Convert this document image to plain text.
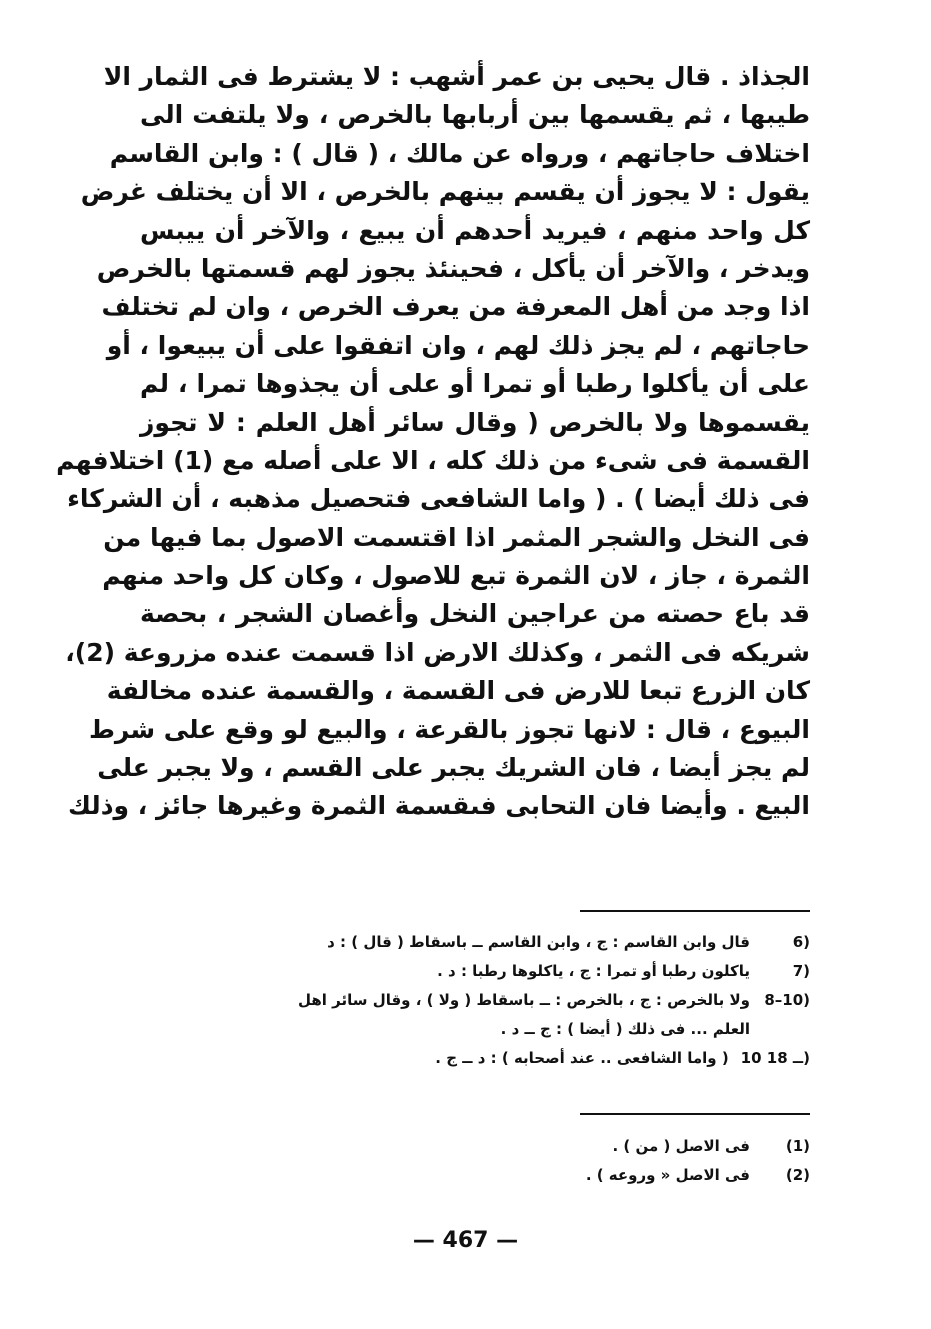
الجذاذ . قال يحيى بن عمر أشهب : لا يشترط فى الثمار الا
طيبها ، ثم يقسمها بين أربابها بالخرص ، ولا يلتفت الى
اختلاف حاجاتهم ، ورواه عن مالك ، ( قال ) : وابن القاسم
يقول : لا يجوز أن يقسم بينهم بالخرص ، الا أن يختلف غرض
كل واحد منهم ، فيريد أحدهم أن يبيع ، والآخر أن ييبس
ويدخر ، والآخر أن يأكل ، فحينئذ يجوز لهم قسمتها بالخرص
اذا وجد من أهل المعرفة من يعرف الخرص ، وان لم تختلف
حاجاتهم ، لم يجز ذلك لهم ، وان اتفقوا على أن يبيعوا ، أو
على أن يأكلوا رطبا أو تمرا أو على أن يجذوها تمرا ، لم
يقسموها ولا بالخرص ( وقال سائر أهل العلم : لا تجوز
القسمة فى شىء من ذلك كله ، الا على أصله مع (1) اختلافهم
فى ذلك أيضا ) . ( واما الشافعى فتحصيل مذهبه ، أن الشركاء
فى النخل والشجر المثمر اذا اقتسمت الاصول بما فيها من
الثمرة ، جاز ، لان الثمرة تبع للاصول ، وكان كل واحد منهم
قد باع حصته من عراجين النخل وأغصان الشجر ، بحصة
شريكه فى الثمر ، وكذلك الارض اذا قسمت عنده مزروعة (2)،
كان الزرع تبعا للارض فى القسمة ، والقسمة عنده مخالفة
البيوع ، قال : لانها تجوز بالقرعة ، والبيع لو وقع على شرط
لم يجز أيضا ، فان الشريك يجبر على القسم ، ولا يجبر على
البيع . وأيضا فان التحابى فىقسمة الثمرة وغيرها جائز ، وذلك
6)قال وابن القاسم : ج ، وابن القاسم ــ باسقاط ( قال ) : د
7)ياكلون رطبا أو تمرا : ج ، ياكلوها رطبا : د .
8–10)ولا بالخرص : ج ، بالخرص : ــ باسقاط ( ولا ) ، وقال سائر اهل
العلم ... فى ذلك ( أيضا ) : ج ــ د .
10 ــ 18)( واما الشافعى .. عند أصحابه ) : د ــ ج .
(1)فى الاصل ( من ) .
(2)فى الاصل « وروعه ) .
— 467 —
